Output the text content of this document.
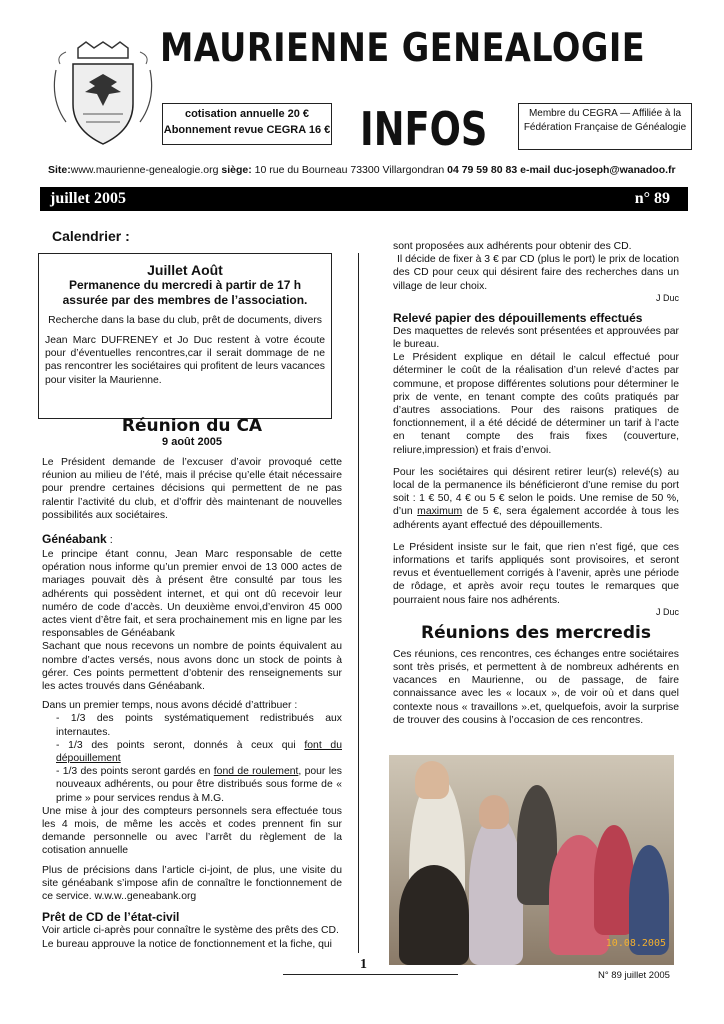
MAURIENNE GENEALOGIE
cotisation annuelle 20 €
Abonnement revue CEGRA 16 € INFOS	Membre du CEGRA — Affiliée à la
Fédération Française de Généalogie
Site:www.maurienne-genealogie.org siège: 10 rue du Bourneau 73300 Villargondran 04 79 59 80 83 e-mail duc-joseph@wanadoo.fr
juillet 2005	n° 89
Calendrier :
Juillet Août
Permanence du mercredi à partir de 17 h
assurée par des membres de l’association.
Recherche dans la base du club, prêt de documents, divers

Jean Marc DUFRENEY et Jo Duc restent à votre écoute pour d’éventuelles rencontres,car il serait dommage de ne pas rencontrer les sociétaires qui profitent de leurs vacances pour visiter la Maurienne.

Réunion du CA
9 août 2005

Le Président demande de l’excuser d’avoir provoqué cette réunion au milieu de l’été, mais il précise qu’elle était nécessaire pour prendre certaines décisions qui permettent de ne pas ralentir l’activité du club, et d’offrir dès maintenant de nouvelles possibilités aux sociétaires.

Généabank :

Le principe étant connu, Jean Marc responsable de cette opération nous informe qu’un premier envoi de 13 000 actes de mariages pouvait dès à présent être consulté par tous les adhérents qui possèdent internet, et qui ont dû recevoir leur numéro de code d’accès. Un deuxième envoi,d’environ 45 000 actes vient d’être fait, et sera prochainement mis en ligne par les responsables de Généabank

Sachant que nous recevons un nombre de points équivalent au nombre d’actes versés, nous avons donc un stock de points à gérer. Ces points permettent d’obtenir des renseignements sur les actes trouvés dans Généabank.

Dans un premier temps, nous avons décidé d’attribuer :

- 1/3 des points systématiquement redistribués aux internautes.

- 1/3 des points seront, donnés à ceux qui font du dépouillement

- 1/3 des points seront gardés en fond de roulement, pour les nouveaux adhérents, ou pour être distribués sous forme de « prime » pour services rendus à M.G.

Une mise à jour des compteurs personnels sera effectuée tous les 4 mois, de même les accès et codes prennent fin sur demande personnelle ou avec l’arrêt du règlement de la cotisation annuelle

Plus de précisions dans l’article ci-joint, de plus, une visite du site généabank s’impose afin de connaître le fonctionnement de ce service. w.w.w..geneabank.org

Prêt de CD de l’état-civil

Voir article ci-après pour connaître le système des prêts des CD.

Le bureau approuve la notice de fonctionnement et la fiche, qui

sont proposées aux adhérents pour obtenir des CD.

Il décide de fixer à 3 € par CD (plus le port) le prix de location des CD pour ceux qui désirent faire des recherches dans un village de leur choix.

J Duc
Relevé papier des dépouillements effectués

Des maquettes de relevés sont présentées et approuvées par le bureau.

Le Président explique en détail le calcul effectué pour déterminer le coût de la réalisation d’un relevé d’actes par commune, et propose différentes solutions pour déterminer le prix de vente, en tenant compte des coûts pratiqués par d’autres associations. Pour des raisons pratiques de fonctionnement, il a été décidé de déterminer un tarif à l’acte en tenant compte des frais fixes (couverture, reliure,impression) et frais d’envoi.

Pour les sociétaires qui désirent retirer leur(s) relevé(s) au local de la permanence ils bénéficieront d’une remise du port soit : 1 € 50, 4 € ou 5 € selon le poids. Une remise de 50 %, d’un maximum de 5 €, sera également accordée à tous les adhérents ayant effectué des dépouillements.

Le Président insiste sur le fait, que rien n’est figé, que ces informations et tarifs appliqués sont provisoires, et seront revus et éventuellement corrigés à l’avenir, après une période de rôdage, et après avoir reçu toutes le remarques que pourraient nous faire nos adhérents.

J Duc
Réunions des mercredis

Ces réunions, ces rencontres, ces échanges entre sociétaires sont très prisés, et permettent à de nombreux adhérents en vacances en Maurienne, ou de passage, de faire connaissance avec les « locaux », de voir où et dans quel contexte nous « travaillons ».et, quelquefois, avoir la surprise de trouver des cousins à l’occasion de ces rencontres.

10.08.2005
1
N° 89 juillet 2005
